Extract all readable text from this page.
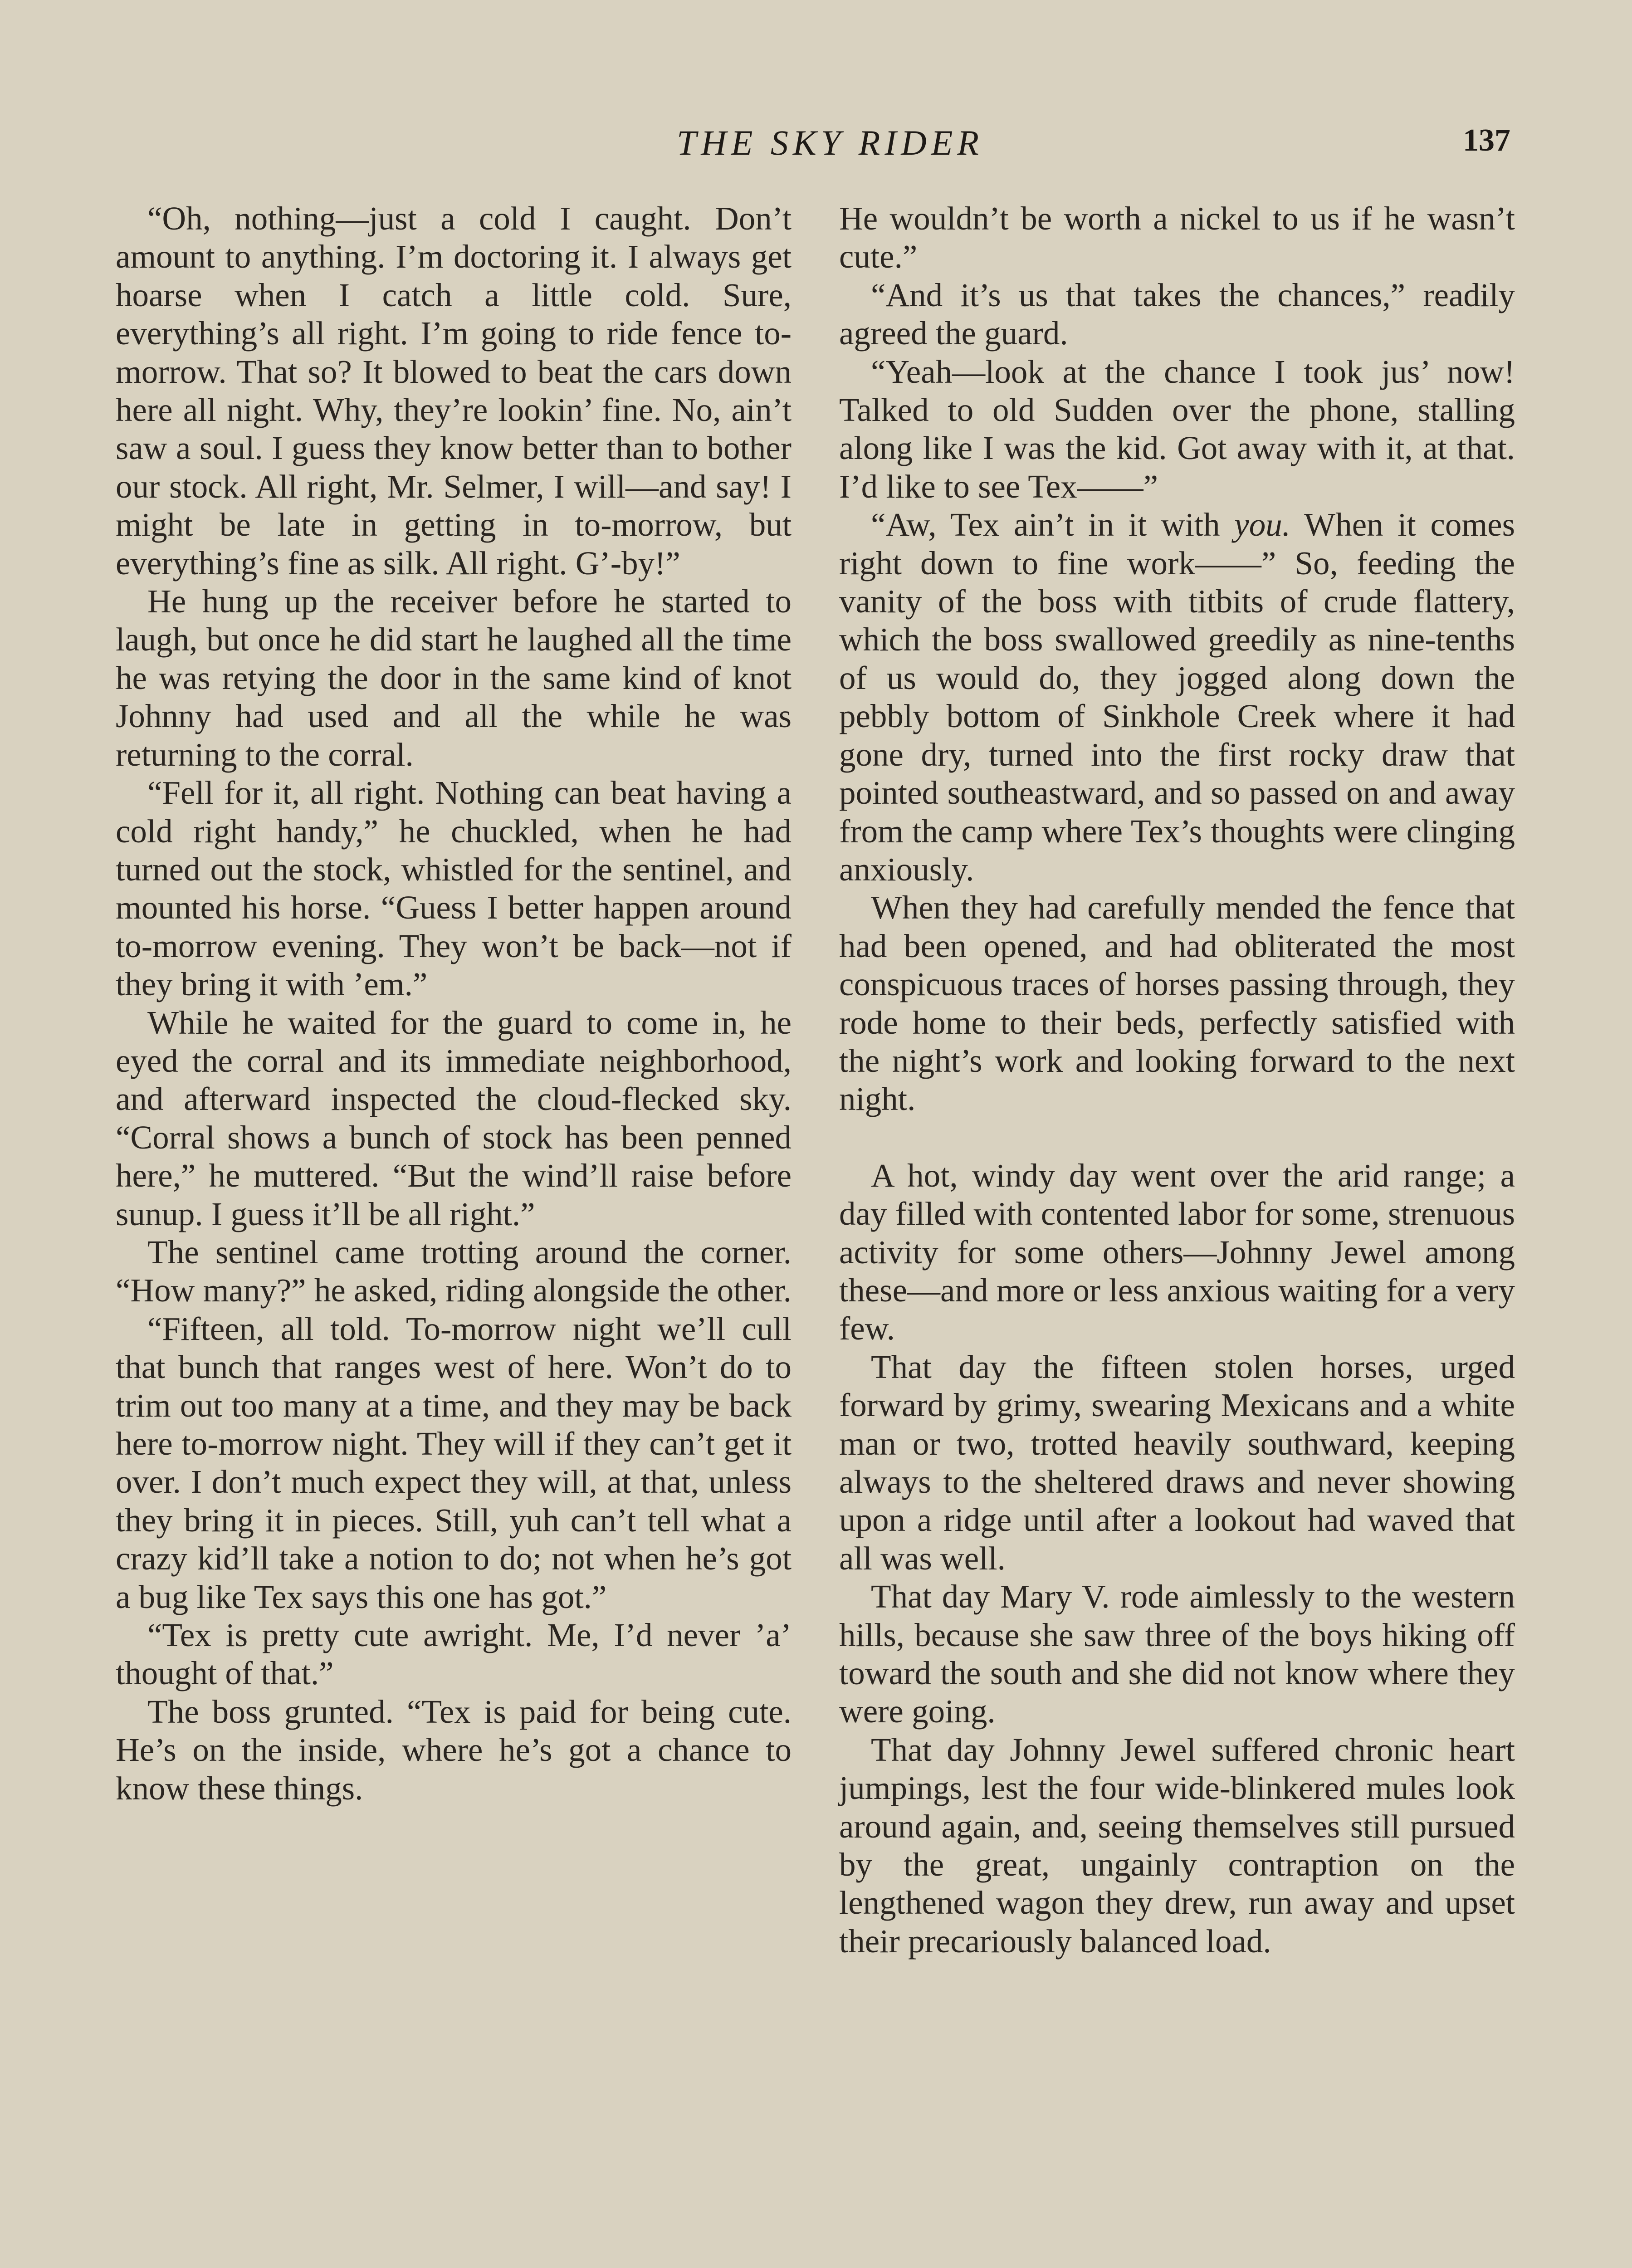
THE SKY RIDER	137

“Oh, nothing—just a cold I caught. Don’t amount to anything. I’m doctoring it. I always get hoarse when I catch a little cold. Sure, everything’s all right. I’m going to ride fence to-morrow. That so? It blowed to beat the cars down here all night. Why, they’re lookin’ fine. No, ain’t saw a soul. I guess they know better than to bother our stock. All right, Mr. Selmer, I will—and say! I might be late in getting in to-morrow, but everything’s fine as silk. All right. G’-by!”

He hung up the receiver before he started to laugh, but once he did start he laughed all the time he was retying the door in the same kind of knot Johnny had used and all the while he was returning to the corral.

“Fell for it, all right. Nothing can beat having a cold right handy,” he chuckled, when he had turned out the stock, whistled for the sentinel, and mounted his horse. “Guess I better happen around to-morrow evening. They won’t be back—not if they bring it with ’em.”

While he waited for the guard to come in, he eyed the corral and its immediate neighborhood, and afterward inspected the cloud-flecked sky. “Corral shows a bunch of stock has been penned here,” he muttered. “But the wind’ll raise before sunup. I guess it’ll be all right.”

The sentinel came trotting around the corner. “How many?” he asked, riding alongside the other.

“Fifteen, all told. To-morrow night we’ll cull that bunch that ranges west of here. Won’t do to trim out too many at a time, and they may be back here to-morrow night. They will if they can’t get it over. I don’t much expect they will, at that, unless they bring it in pieces. Still, yuh can’t tell what a crazy kid’ll take a notion to do; not when he’s got a bug like Tex says this one has got.”

“Tex is pretty cute awright. Me, I’d never ’a’ thought of that.”

The boss grunted. “Tex is paid for being cute. He’s on the inside, where he’s got a chance to know these things.

He wouldn’t be worth a nickel to us if he wasn’t cute.”

“And it’s us that takes the chances,” readily agreed the guard.

“Yeah—look at the chance I took jus’ now! Talked to old Sudden over the phone, stalling along like I was the kid. Got away with it, at that. I’d like to see Tex——”

“Aw, Tex ain’t in it with you. When it comes right down to fine work——” So, feeding the vanity of the boss with titbits of crude flattery, which the boss swallowed greedily as nine-tenths of us would do, they jogged along down the pebbly bottom of Sinkhole Creek where it had gone dry, turned into the first rocky draw that pointed southeastward, and so passed on and away from the camp where Tex’s thoughts were clinging anxiously.

When they had carefully mended the fence that had been opened, and had obliterated the most conspicuous traces of horses passing through, they rode home to their beds, perfectly satisfied with the night’s work and looking forward to the next night.

A hot, windy day went over the arid range; a day filled with contented labor for some, strenuous activity for some others—Johnny Jewel among these—and more or less anxious waiting for a very few.

That day the fifteen stolen horses, urged forward by grimy, swearing Mexicans and a white man or two, trotted heavily southward, keeping always to the sheltered draws and never showing upon a ridge until after a lookout had waved that all was well.

That day Mary V. rode aimlessly to the western hills, because she saw three of the boys hiking off toward the south and she did not know where they were going.

That day Johnny Jewel suffered chronic heart jumpings, lest the four wide-blinkered mules look around again, and, seeing themselves still pursued by the great, ungainly contraption on the lengthened wagon they drew, run away and upset their precariously balanced load.
